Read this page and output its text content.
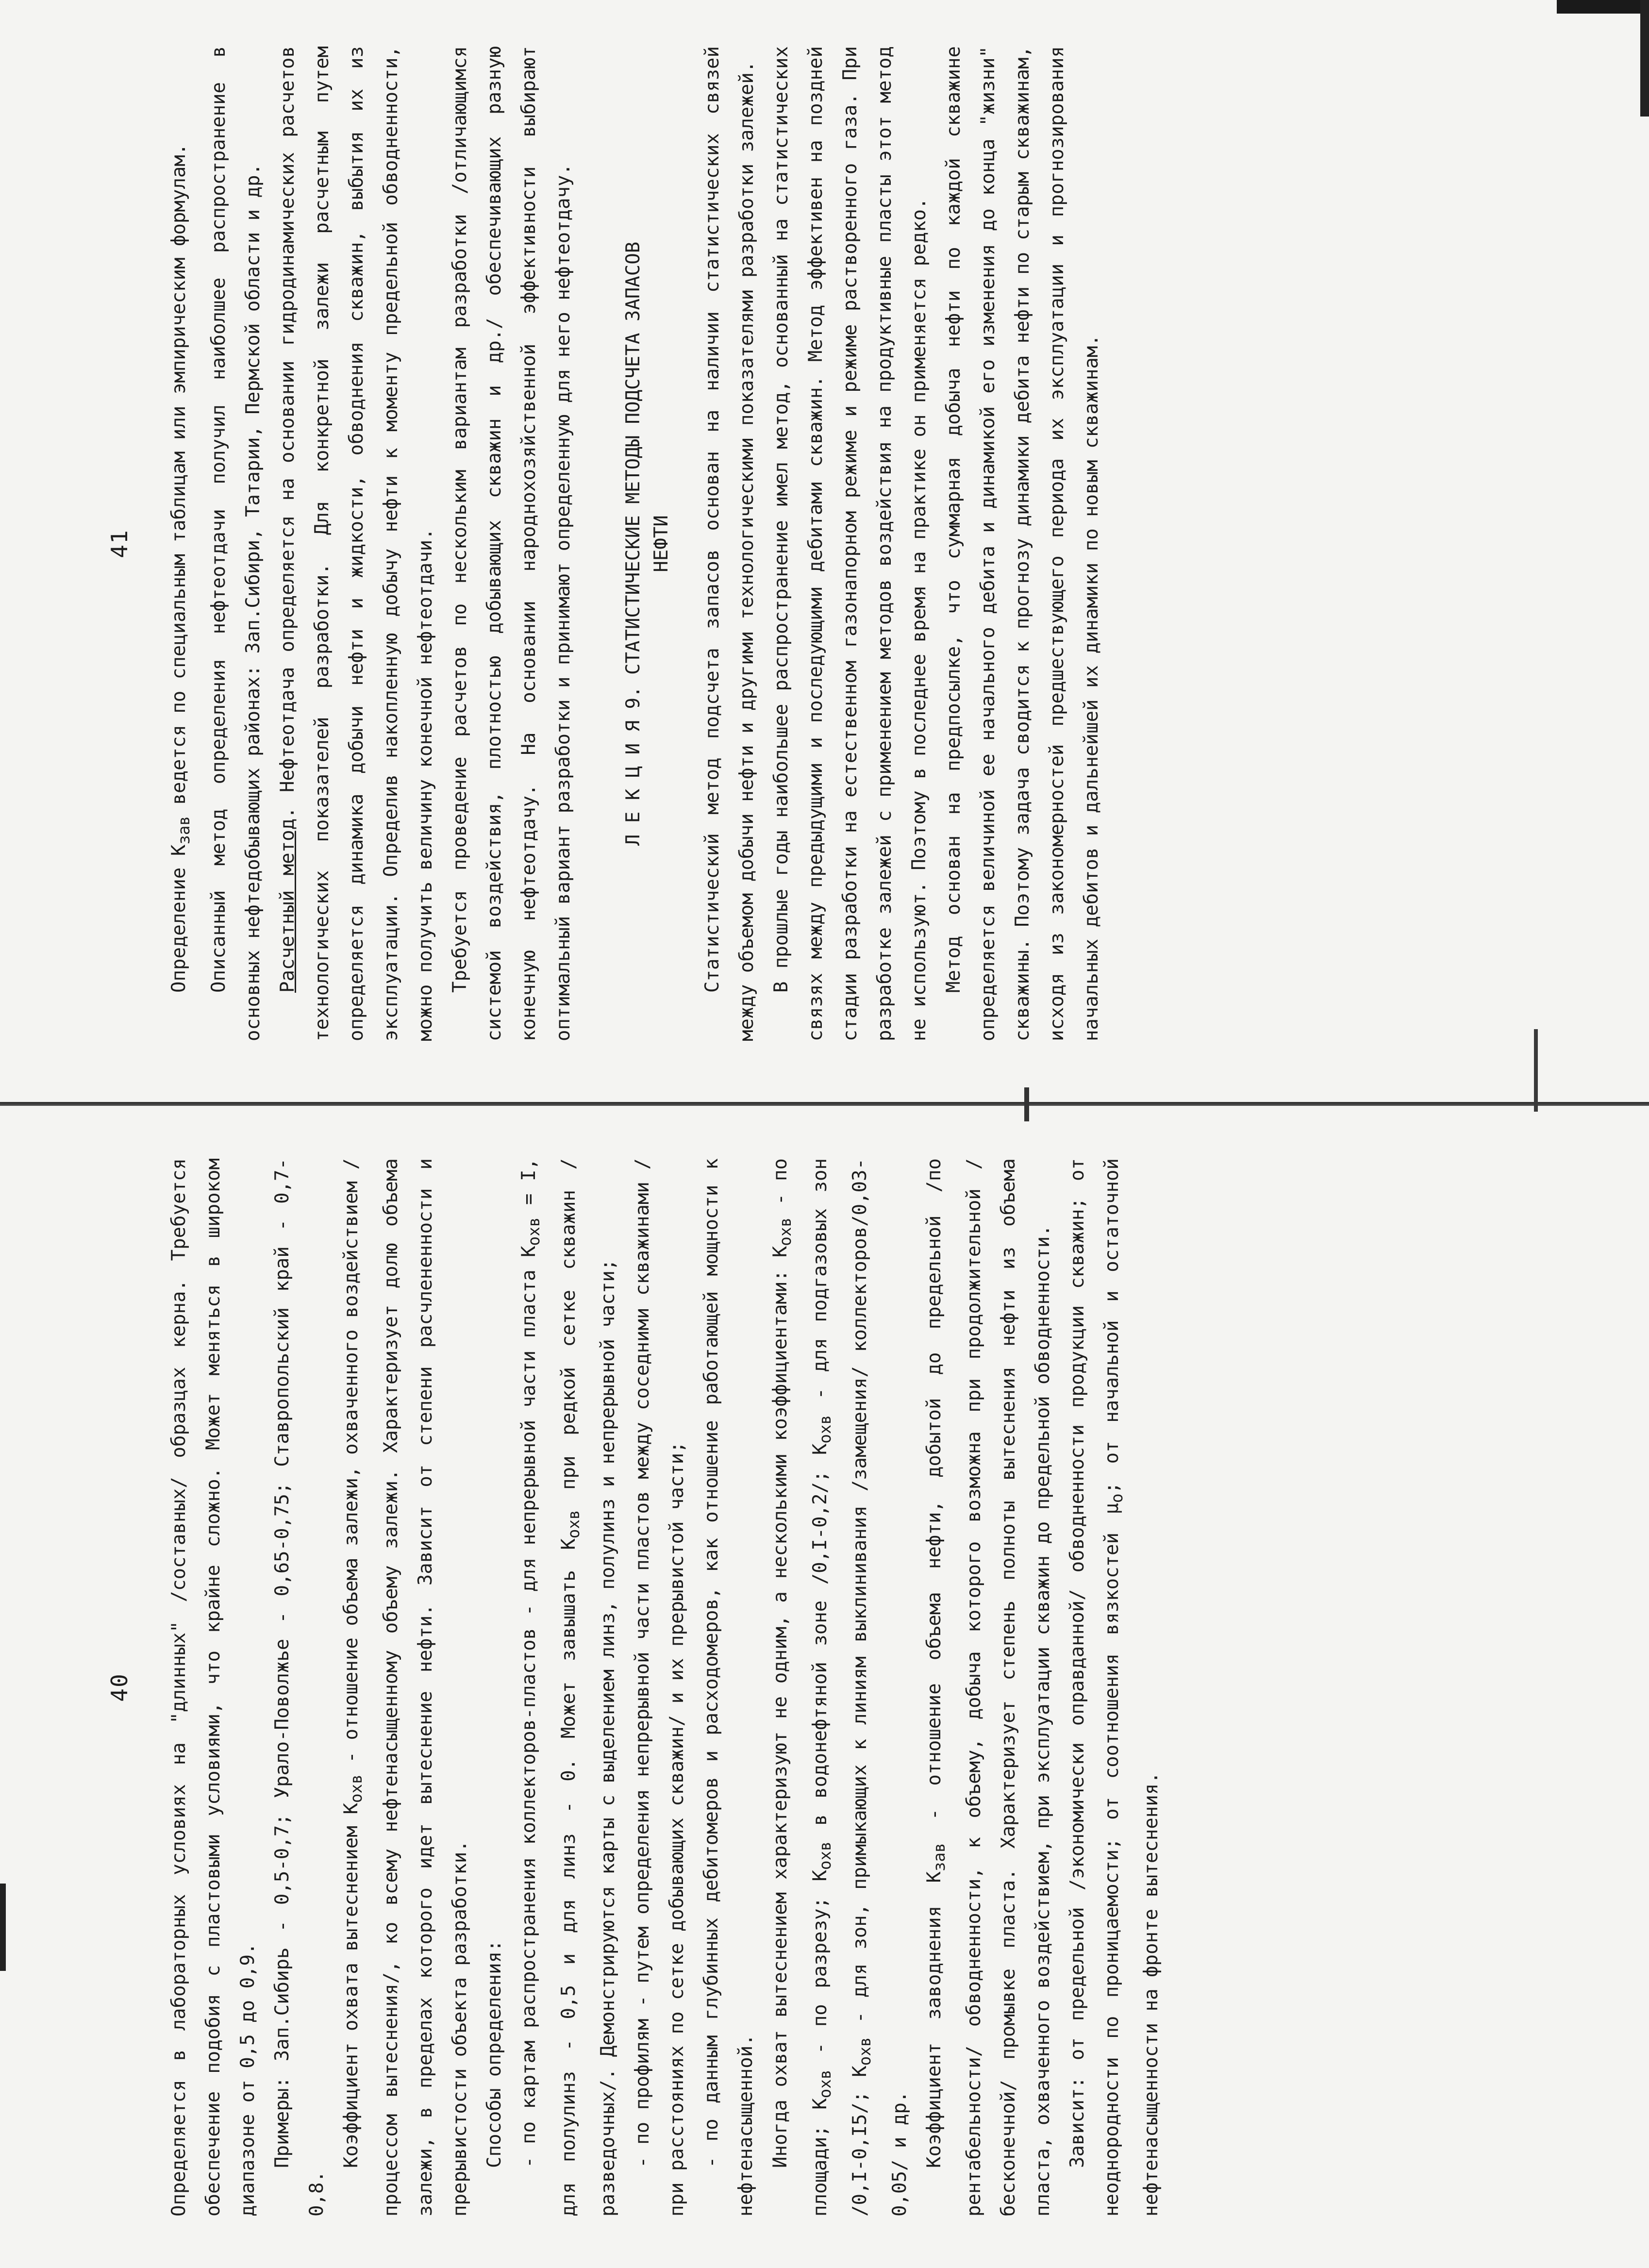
41

Определение $K_{зав}$ ведется по специальным таблицам или эмпирическим формулам. Описанный метод определения нефтеотдачи получил наиболшее распространение в основных нефтедобывающих районах: Зап.Сибири, Татарии, Пермской области и др. Расчетный метод. Нефтеотдача определяется на основании гидродинамических расчетов технологических показателей разработки. Для конкретной залежи расчетным путем определяется динамика добычи нефти и жидкости, обводнения скважин, выбытия их из эксплуатации. Определив накопленную добычу нефти к моменту предельной обводненности, можно получить величину конечной нефтеотдачи. Требуется проведение расчетов по нескольким вариантам разработки /отличающимся системой воздействия, плотностью добывающих скважин и др./ обеспечивающих разную конечную нефтеотдачу. На основании народнохозяйственной эффективности выбирают оптимальный вариант разработки и принимают определенную для него нефтеотдачу.	Л Е К Ц И Я 9. СТАТИСТИЧЕСКИЕ МЕТОДЫ ПОДСЧЕТА ЗАПАСОВ НЕФТИ	Статистический метод подсчета запасов основан на наличии статистических связей между объемом добычи нефти и другими технологическими показателями разработки залежей. В прошлые годы наибольшее распространение имел метод, основанный на статистических связях между предыдущими и последующими дебитами скважин. Метод эффективен на поздней стадии разработки на естественном газонапорном режиме и режиме растворенного газа. При разработке залежей с применением методов воздействия на продуктивные пласты этот метод не используют. Поэтому в последнее время на практике он применяется редко. Метод основан на предпосылке, что суммарная добыча нефти по каждой скважине определяется величиной ее начального дебита и динамикой его изменения до конца "жизни" скважины. Поэтому задача сводится к прогнозу динамики дебита нефти по старым скважинам, исходя из закономерностей предшествующего периода их эксплуатации и прогнозирования начальных дебитов и дальнейшей их динамики по новым скважинам.

40	Определяется в лабораторных условиях на "длинных" /составных/ образцах керна. Требуется обеспечение подобия с пластовыми условиями, что крайне сложно. Может меняться в широком диапазоне от 0,5 до 0,9. Примеры: Зап.Сибирь - 0,5-0,7; Урало-Поволжье - 0,65-0,75; Ставропольский край - 0,7-0,8.

Коэффициент охвата вытеснением $K_{охв}$ - отношение объема залежи, охваченного воздействием /процессом вытеснения/, ко всему нефтенасыщенному объему залежи. Характеризует долю объема залежи, в пределах которого идет вытеснение нефти. Зависит от степени расчлененности и прерывистости объекта разработки. Способы определения: - по картам распространения коллекторов-пластов - для непрерывной части пласта $K_{охв} = I$, для полулинз - 0,5 и для линз - 0. Может завышать $K_{охв}$ при редкой сетке скважин /разведочных/. Демонстрируются карты с выделением линз, полулинз и непрерывной части; - по профилям - путем определения непрерывной части пластов между соседними скважинами /при расстояниях по сетке добывающих скважин/ и их прерывистой части; - по данным глубинных дебитомеров и расходомеров, как отношение работающей мощности к нефтенасыщенной. Иногда охват вытеснением характеризуют не одним, а несколькими коэффициентами: $K_{охв}$ - по площади; $K_{охв}$ - по разрезу; $K_{охв}$ в водонефтяной зоне /0,I-0,2/; $K_{охв}$ - для подгазовых зон /0,I-0,I5/; $K_{охв}$ - для зон, примыкающих к линиям выклинивания /замещения/ коллекторов/0,03-0,05/ и др. Коэффициент заводнения $K_{зав}$ - отношение объема нефти, добытой до предельной /по рентабельности/ обводненности, к объему, добыча которого возможна при продолжительной /бесконечной/ промывке пласта. Характеризует степень полноты вытеснения нефти из объема пласта, охваченного воздействием, при эксплуатации скважин до предельной обводненности. Зависит: от предельной /экономически оправданной/ обводненности продукции скважин; от неоднородности по проницаемости; от соотношения вязкостей $\mu_o$; от начальной и остаточной нефтенасыщенности на фронте вытеснения.
